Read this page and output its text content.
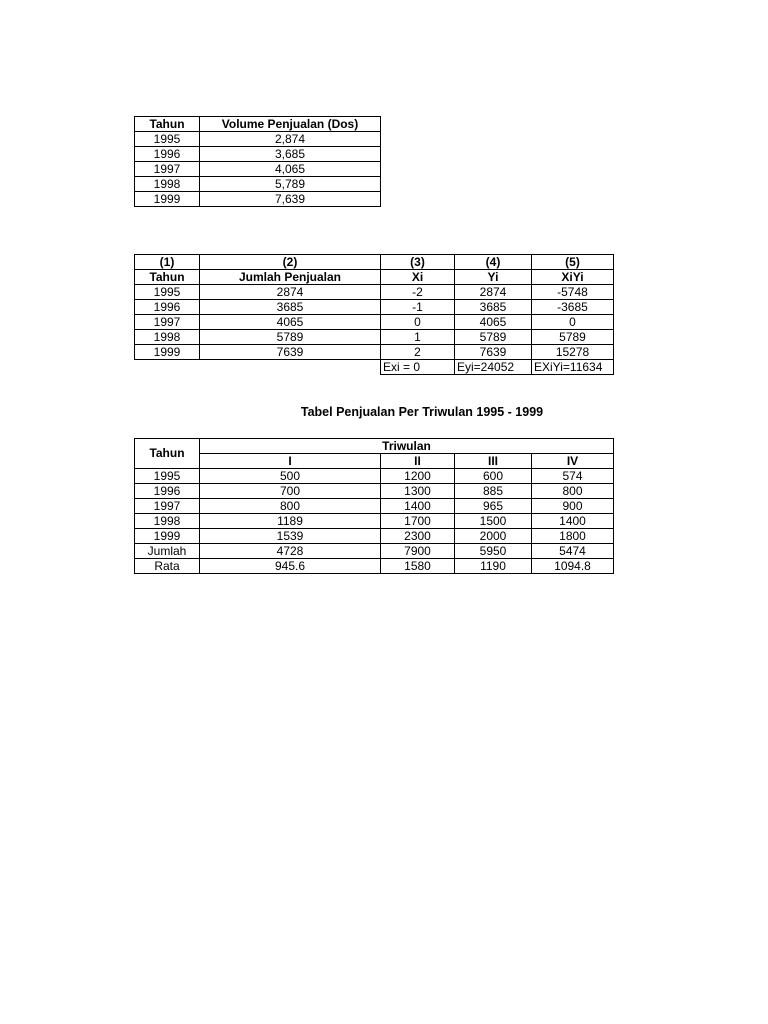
Tahun	Volume Penjualan (Dos)
1995	2,874
1996	3,685
1997	4,065
1998	5,789
1999	7,639
(1)	(2)	(3)	(4)	(5)
Tahun	Jumlah Penjualan	Xi	Yi	XiYi
1995	2874	-2	2874	-5748
1996	3685	-1	3685	-3685
1997	4065	0	4065	0
1998	5789	1	5789	5789
1999	7639	2	7639	15278
		Exi = 0	Eyi=24052	EXiYi=11634
Tabel Penjualan Per Triwulan 1995 - 1999
Tahun	Triwulan			
	I	II	III	IV
1995	500	1200	600	574
1996	700	1300	885	800
1997	800	1400	965	900
1998	1189	1700	1500	1400
1999	1539	2300	2000	1800
Jumlah	4728	7900	5950	5474
Rata	945.6	1580	1190	1094.8
